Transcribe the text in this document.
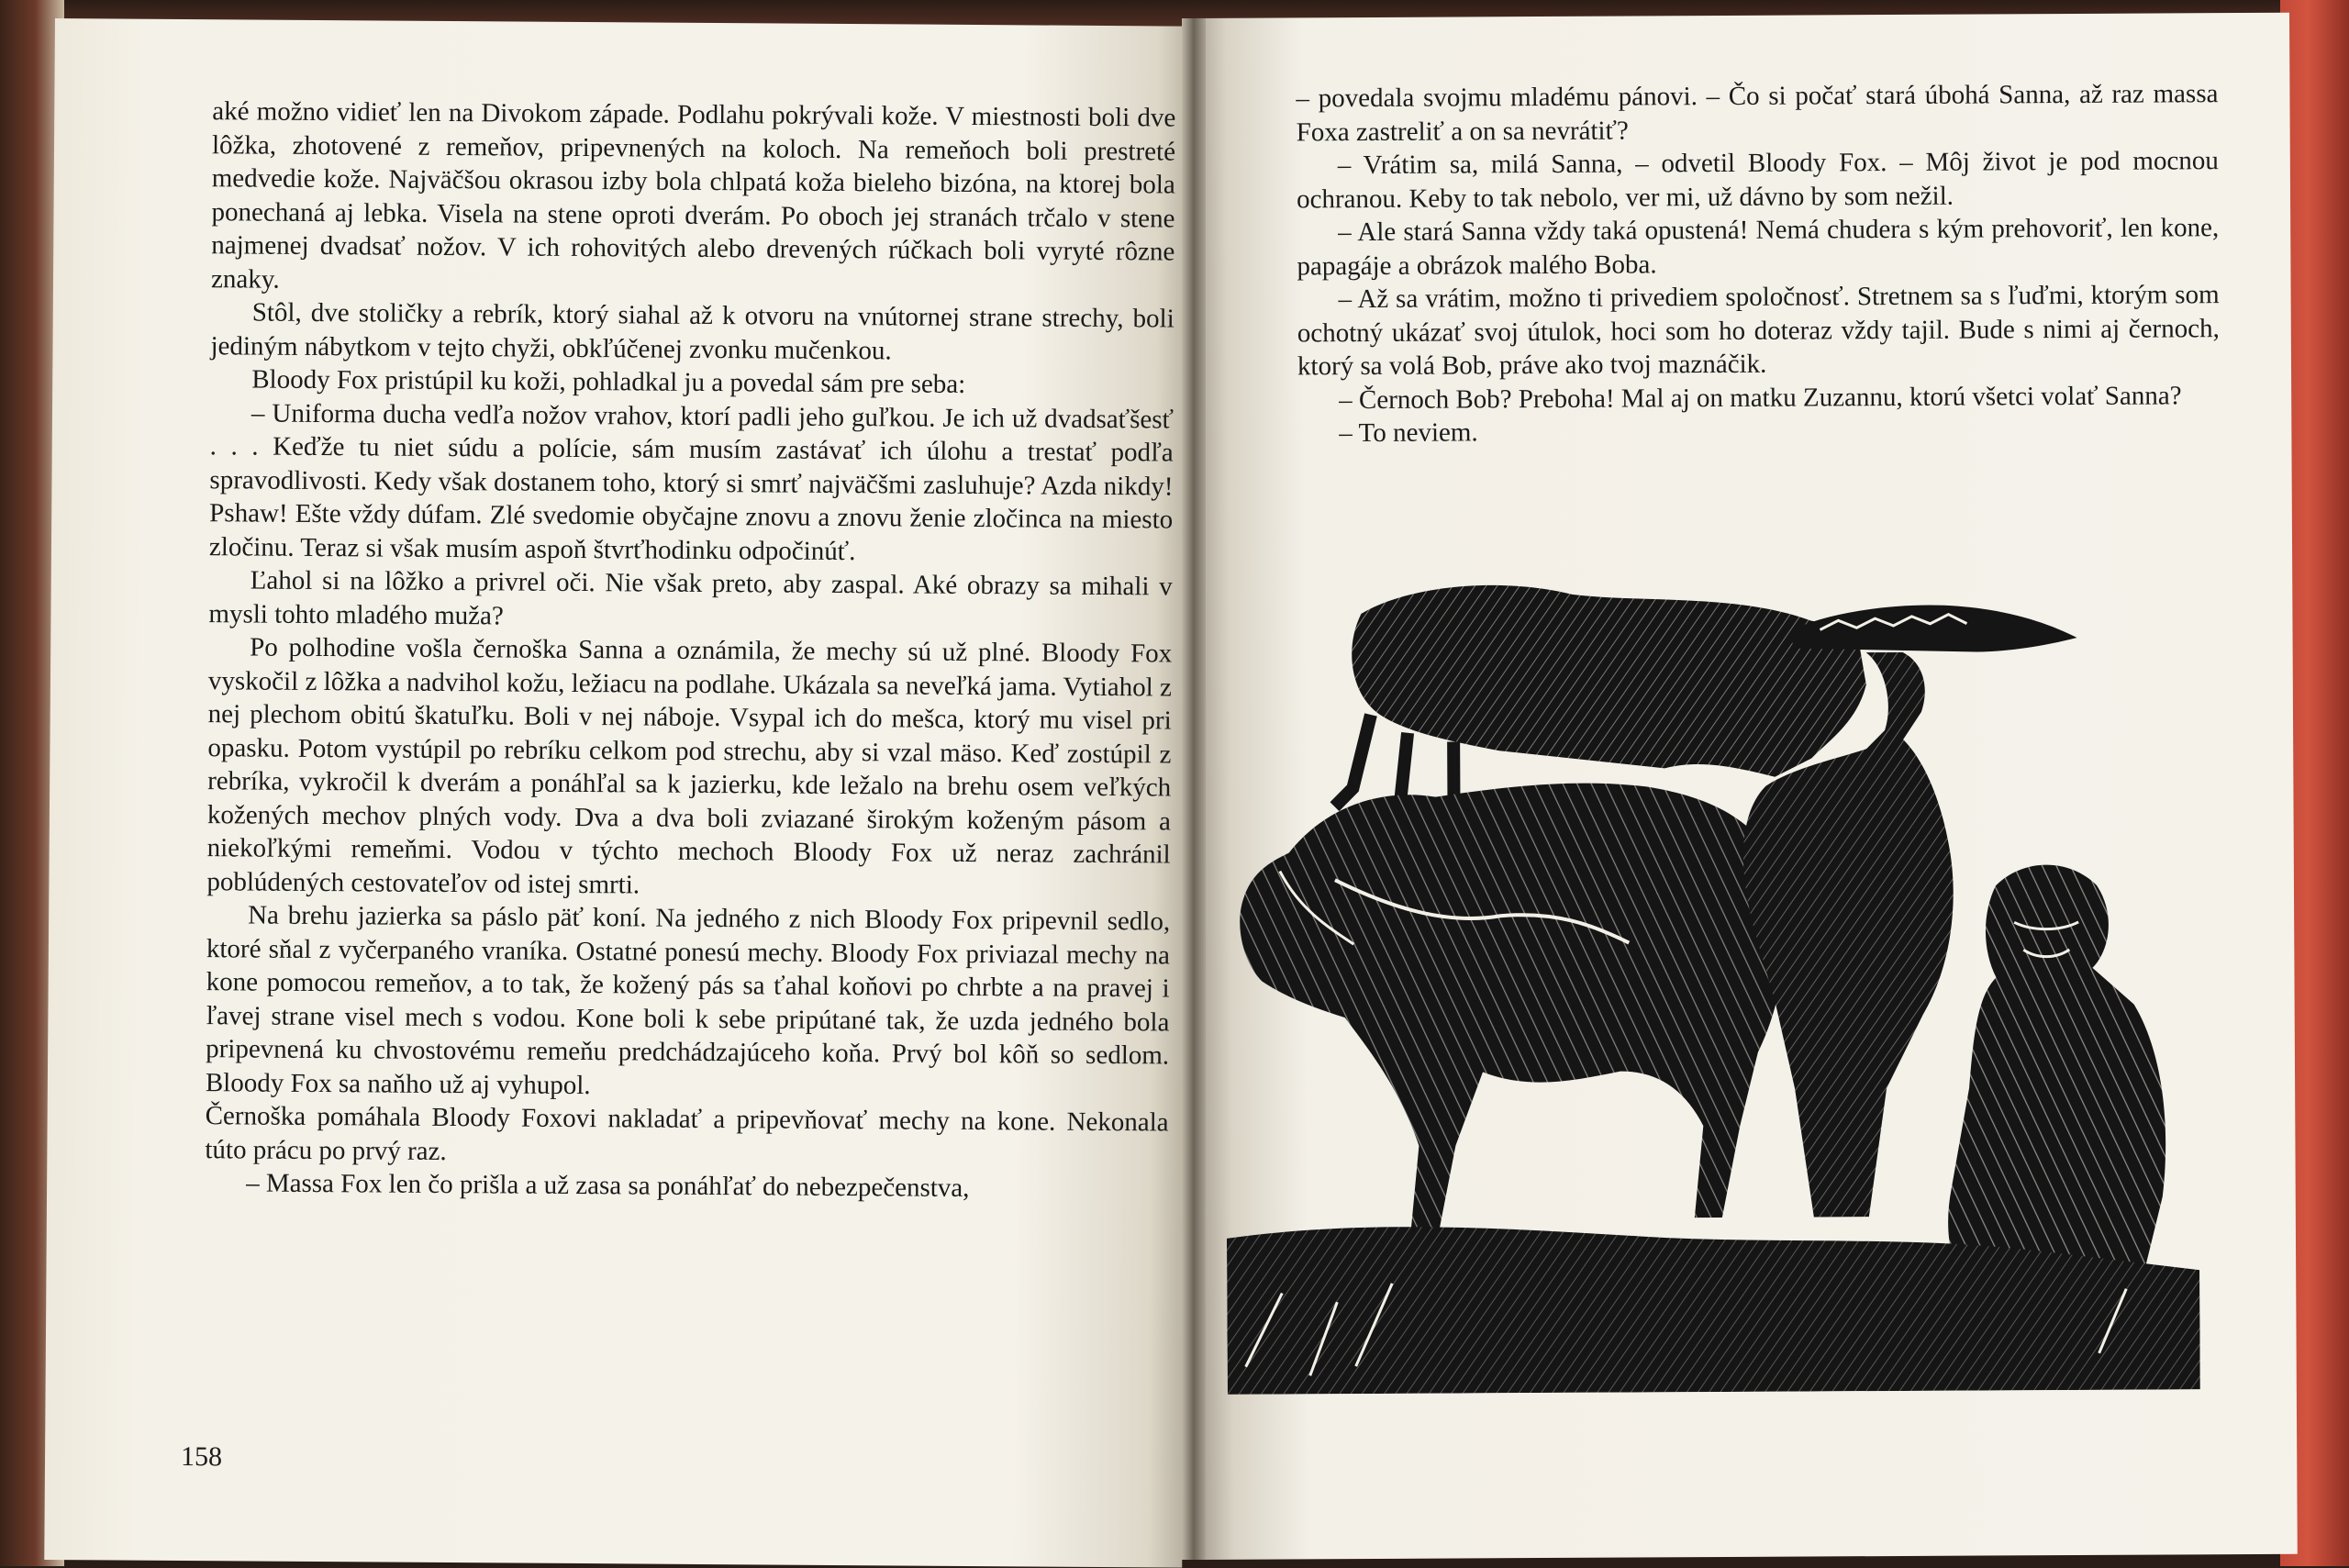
aké možno vidieť len na Divokom západe. Podlahu pokrývali kože. V miestnosti boli dve lôžka, zhotovené z remeňov, pripevnených na koloch. Na remeňoch boli prestreté medvedie kože. Najväčšou okrasou izby bola chlpatá koža bieleho bizóna, na ktorej bola ponechaná aj lebka. Visela na stene oproti dverám. Po oboch jej stranách trčalo v stene najmenej dvadsať nožov. V ich rohovitých alebo drevených rúčkach boli vyryté rôzne znaky.

Stôl, dve stoličky a rebrík, ktorý siahal až k otvoru na vnútornej strane strechy, boli jediným nábytkom v tejto chyži, obkľúčenej zvonku mučenkou.

Bloody Fox pristúpil ku koži, pohladkal ju a povedal sám pre seba:

– Uniforma ducha vedľa nožov vrahov, ktorí padli jeho guľkou. Je ich už dvadsaťšesť . . . Keďže tu niet súdu a polície, sám musím zastávať ich úlohu a trestať podľa spravodlivosti. Kedy však dostanem toho, ktorý si smrť najväčšmi zasluhuje? Azda nikdy! Pshaw! Ešte vždy dúfam. Zlé svedomie obyčajne znovu a znovu ženie zločinca na miesto zločinu. Teraz si však musím aspoň štvrťhodinku odpočinúť.

Ľahol si na lôžko a privrel oči. Nie však preto, aby zaspal. Aké obrazy sa mihali v mysli tohto mladého muža?

Po polhodine vošla černoška Sanna a oznámila, že mechy sú už plné. Bloody Fox vyskočil z lôžka a nadvihol kožu, ležiacu na podlahe. Ukázala sa neveľká jama. Vytiahol z nej plechom obitú škatuľku. Boli v nej náboje. Vsypal ich do mešca, ktorý mu visel pri opasku. Potom vystúpil po rebríku celkom pod strechu, aby si vzal mäso. Keď zostúpil z rebríka, vykročil k dverám a ponáhľal sa k jazierku, kde ležalo na brehu osem veľkých kožených mechov plných vody. Dva a dva boli zviazané širokým koženým pásom a niekoľkými remeňmi. Vodou v týchto mechoch Bloody Fox už neraz zachránil poblúdených cestovateľov od istej smrti.

Na brehu jazierka sa páslo päť koní. Na jedného z nich Bloody Fox pripevnil sedlo, ktoré sňal z vyčerpaného vraníka. Ostatné ponesú mechy. Bloody Fox priviazal mechy na kone pomocou remeňov, a to tak, že kožený pás sa ťahal koňovi po chrbte a na pravej i ľavej strane visel mech s vodou. Kone boli k sebe pripútané tak, že uzda jedného bola pripevnená ku chvostovému remeňu predchádzajúceho koňa. Prvý bol kôň so sedlom. Bloody Fox sa naňho už aj vyhupol.

Černoška pomáhala Bloody Foxovi nakladať a pripevňovať mechy na kone. Nekonala túto prácu po prvý raz.

– Massa Fox len čo prišla a už zasa sa ponáhľať do nebezpečenstva,

158

– povedala svojmu mladému pánovi. – Čo si počať stará úbohá Sanna, až raz massa Foxa zastreliť a on sa nevrátiť?

– Vrátim sa, milá Sanna, – odvetil Bloody Fox. – Môj život je pod mocnou ochranou. Keby to tak nebolo, ver mi, už dávno by som nežil.

– Ale stará Sanna vždy taká opustená! Nemá chudera s kým prehovoriť, len kone, papagáje a obrázok malého Boba.

– Až sa vrátim, možno ti privediem spoločnosť. Stretnem sa s ľuďmi, ktorým som ochotný ukázať svoj útulok, hoci som ho doteraz vždy tajil. Bude s nimi aj černoch, ktorý sa volá Bob, práve ako tvoj maznáčik.

– Černoch Bob? Preboha! Mal aj on matku Zuzannu, ktorú všetci volať Sanna?

– To neviem.
